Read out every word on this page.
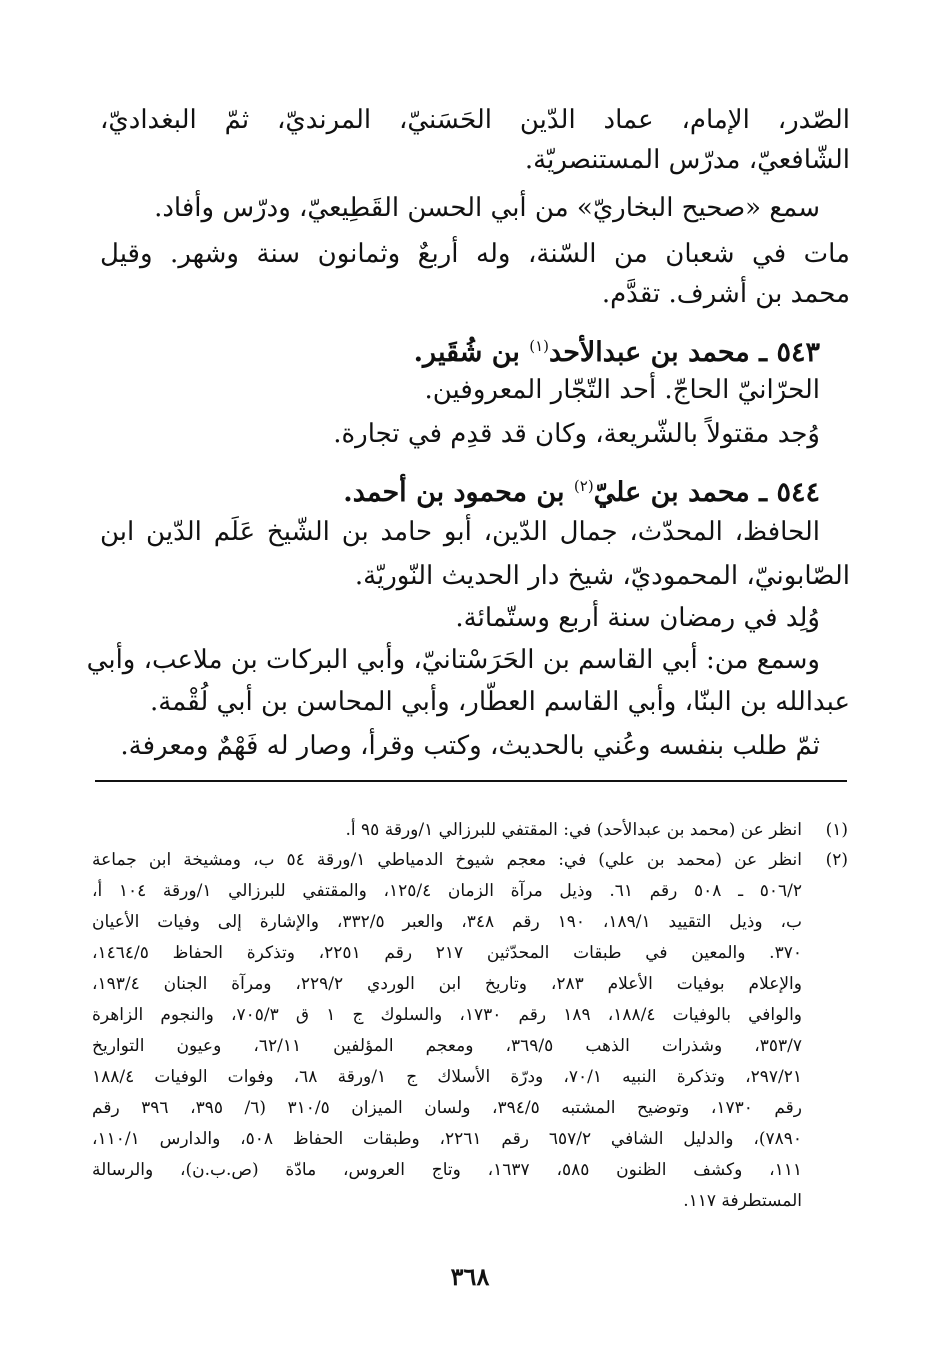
الصّدر، الإمام، عماد الدّين الحَسَنيّ، المرنديّ، ثمّ البغداديّ،
الشّافعيّ، مدرّس المستنصريّة.
سمع «صحيح البخاريّ» من أبي الحسن القَطِيعيّ، ودرّس وأفاد.
مات في شعبان من السّنة، وله أربعٌ وثمانون سنة وشهر. وقيل
محمد بن أشرف. تقدَّم.
٥٤٣ ـ محمد بن عبدالأحد$^{(١)}$ بن شُقَير.
الحرّانيّ الحاجّ. أحد التّجّار المعروفين.
وُجد مقتولاً بالشّريعة، وكان قد قدِم في تجارة.
٥٤٤ ـ محمد بن عليّ$^{(٢)}$ بن محمود بن أحمد.
الحافظ، المحدّث، جمال الدّين، أبو حامد بن الشّيخ عَلَم الدّين ابن
الصّابونيّ، المحموديّ، شيخ دار الحديث النّوريّة.
وُلِد في رمضان سنة أربع وستّمائة.
وسمع من: أبي القاسم بن الحَرَسْتانيّ، وأبي البركات بن ملاعب، وأبي
عبدالله بن البنّا، وأبي القاسم العطّار، وأبي المحاسن بن أبي لُقْمة.
ثمّ طلب بنفسه وعُني بالحديث، وكتب وقرأ، وصار له فَهْمٌ ومعرفة.
(١)
انظر عن (محمد بن عبدالأحد) في: المقتفي للبرزالي ١/ورقة ٩٥ أ.
(٢)
انظر عن (محمد بن علي) في: معجم شيوخ الدمياطي ١/ورقة ٥٤ ب، ومشيخة ابن جماعة
٥٠٦/٢ ـ ٥٠٨ رقم ٦١. وذيل مرآة الزمان ١٢٥/٤، والمقتفي للبرزالي ١/ورقة ١٠٤ أ،
ب، وذيل التقييد ١٨٩/١، ١٩٠ رقم ٣٤٨، والعبر ٣٣٢/٥، والإشارة إلى وفيات الأعيان
٣٧٠. والمعين في طبقات المحدّثين ٢١٧ رقم ٢٢٥١، وتذكرة الحفاظ ١٤٦٤/٥،
والإعلام بوفيات الأعلام ٢٨٣، وتاريخ ابن الوردي ٢٢٩/٢، ومرآة الجنان ١٩٣/٤،
والوافي بالوفيات ١٨٨/٤، ١٨٩ رقم ١٧٣٠، والسلوك ج ١ ق ٧٠٥/٣، والنجوم الزاهرة
٣٥٣/٧، وشذرات الذهب ٣٦٩/٥، ومعجم المؤلفين ٦٢/١١، وعيون التواريخ
٢٩٧/٢١، وتذكرة النبيه ٧٠/١، ودرّة الأسلاك ج ١/ورقة ٦٨، وفوات الوفيات ١٨٨/٤
رقم ١٧٣٠، وتوضيح المشتبه ٣٩٤/٥، ولسان الميزان ٣١٠/٥ (٦/ ٣٩٥، ٣٩٦ رقم
٧٨٩٠)، والدليل الشافي ٦٥٧/٢ رقم ٢٢٦١، وطبقات الحفاظ ٥٠٨، والدارس ١١٠/١،
١١١، وكشف الظنون ٥٨٥، ١٦٣٧، وتاج العروس، مادّة (ص.ب.ن)، والرسالة
المستطرفة ١١٧.
٣٦٨
